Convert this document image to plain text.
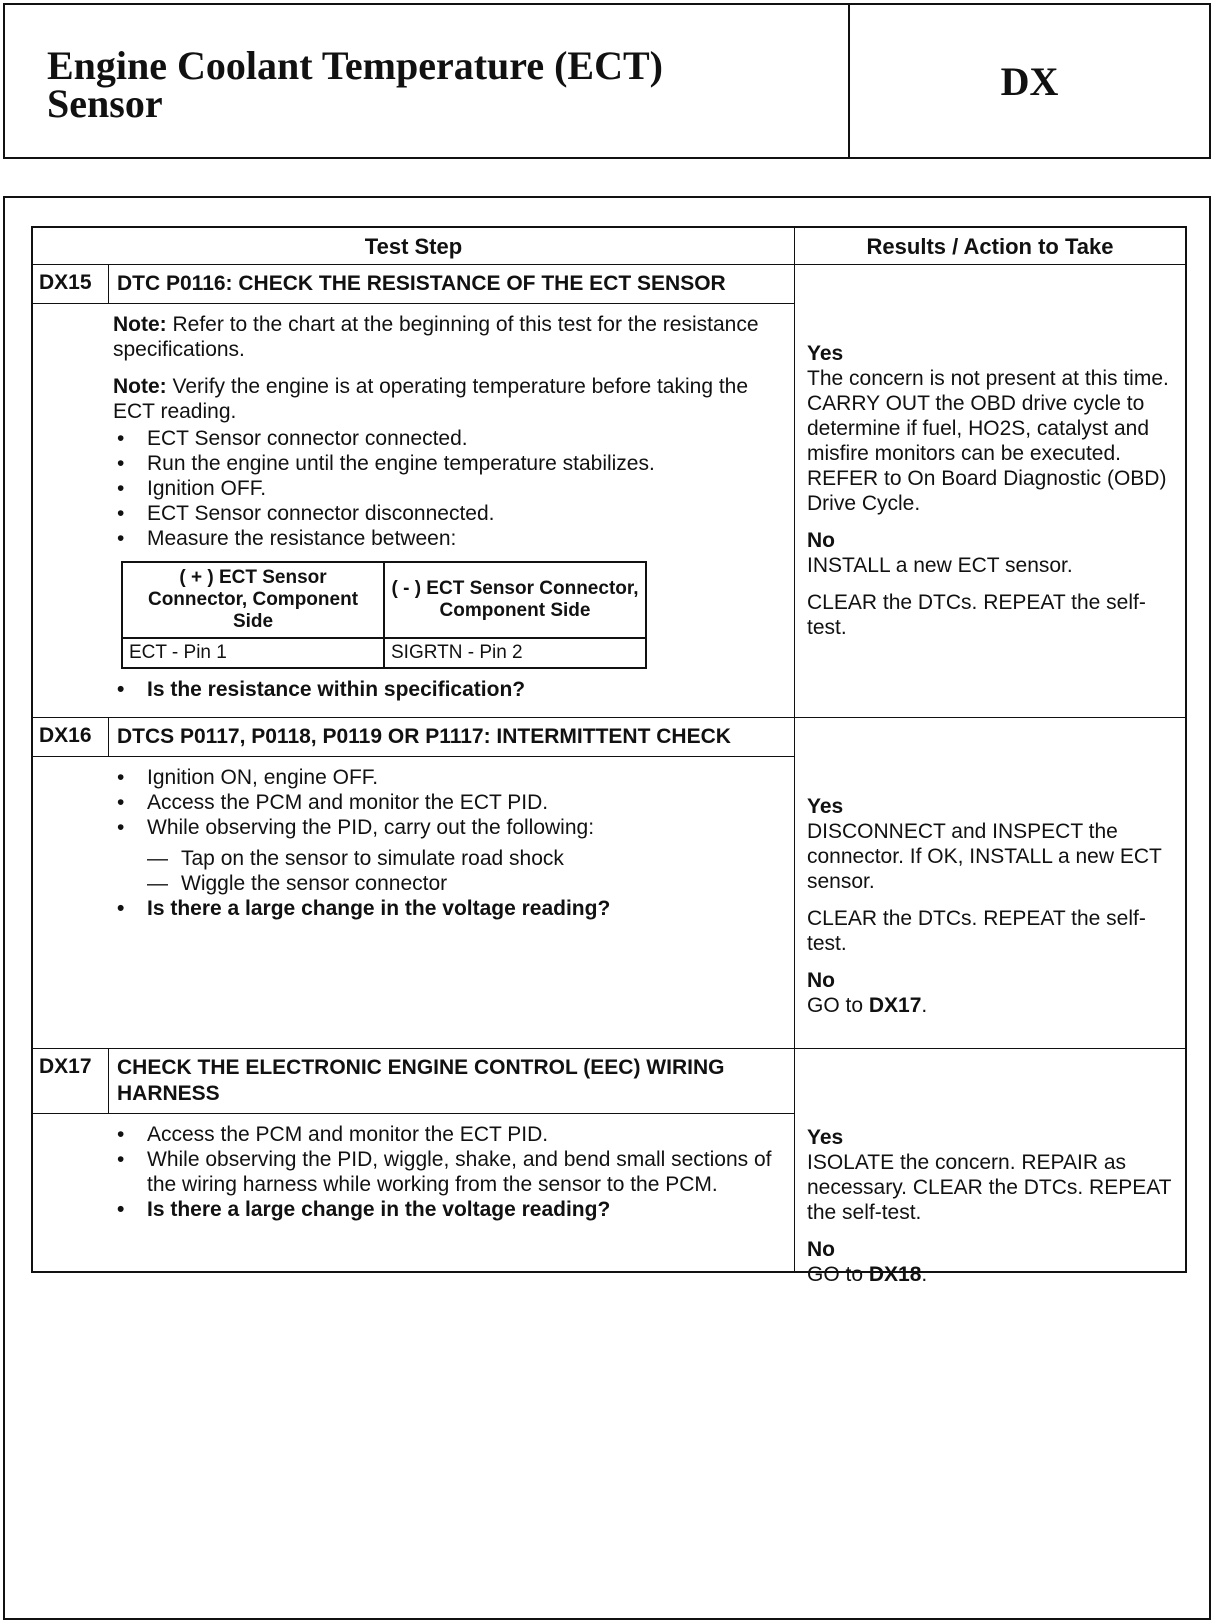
Engine Coolant Temperature (ECT)
Sensor	DX
Test Step	Results / Action to Take
DX15	DTC P0116: CHECK THE RESISTANCE OF THE ECT SENSOR

Note: Refer to the chart at the beginning of this test for the resistance specifications.

Note: Verify the engine is at operating temperature before taking the ECT reading.

• ECT Sensor connector connected.
• Run the engine until the engine temperature stabilizes.
• Ignition OFF.
• ECT Sensor connector disconnected.
• Measure the resistance between:
( + ) ECT Sensor Connector, Component Side	( - ) ECT Sensor Connector, Component Side
ECT - Pin 1	SIGRTN - Pin 2
• Is the resistance within specification?
Yes

The concern is not present at this time. CARRY OUT the OBD drive cycle to determine if fuel, HO2S, catalyst and misfire monitors can be executed. REFER to On Board Diagnostic (OBD) Drive Cycle.

No

INSTALL a new ECT sensor.

CLEAR the DTCs. REPEAT the self-test.

DX16	DTCS P0117, P0118, P0119 OR P1117: INTERMITTENT CHECK
• Ignition ON, engine OFF.
• Access the PCM and monitor the ECT PID.
• While observing the PID, carry out the following:
— Tap on the sensor to simulate road shock
— Wiggle the sensor connector
• Is there a large change in the voltage reading?
Yes

DISCONNECT and INSPECT the connector. If OK, INSTALL a new ECT sensor.

CLEAR the DTCs. REPEAT the self-test.

No

GO to DX17.

DX17	CHECK THE ELECTRONIC ENGINE CONTROL (EEC) WIRING HARNESS
• Access the PCM and monitor the ECT PID.
• While observing the PID, wiggle, shake, and bend small sections of the wiring harness while working from the sensor to the PCM.
• Is there a large change in the voltage reading?
Yes

ISOLATE the concern. REPAIR as necessary. CLEAR the DTCs. REPEAT the self-test.

No

GO to DX18.
